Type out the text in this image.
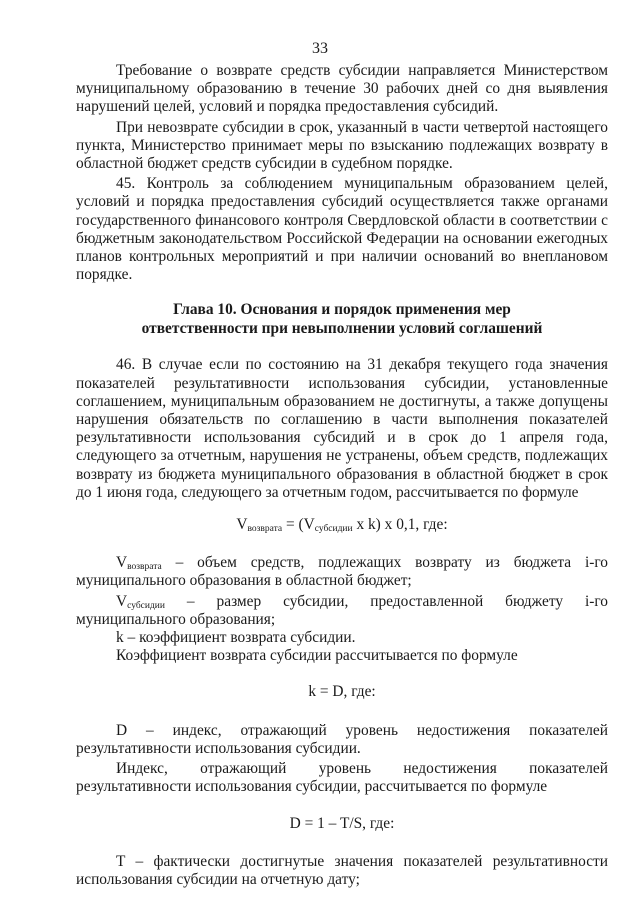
33

Требование о возврате средств субсидии направляется Министерством муниципальному образованию в течение 30 рабочих дней со дня выявления нарушений целей, условий и порядка предоставления субсидий.

При невозврате субсидии в срок, указанный в части четвертой настоящего пункта, Министерство принимает меры по взысканию подлежащих возврату в областной бюджет средств субсидии в судебном порядке.

45. Контроль за соблюдением муниципальным образованием целей, условий и порядка предоставления субсидий осуществляется также органами государственного финансового контроля Свердловской области в соответствии с бюджетным законодательством Российской Федерации на основании ежегодных планов контрольных мероприятий и при наличии оснований во внеплановом порядке.

Глава 10. Основания и порядок применения мер
ответственности при невыполнении условий соглашений

46. В случае если по состоянию на 31 декабря текущего года значения показателей результативности использования субсидии, установленные соглашением, муниципальным образованием не достигнуты, а также допущены нарушения обязательств по соглашению в части выполнения показателей результативности использования субсидий и в срок до 1 апреля года, следующего за отчетным, нарушения не устранены, объем средств, подлежащих возврату из бюджета муниципального образования в областной бюджет в срок до 1 июня года, следующего за отчетным годом, рассчитывается по формуле

$V_{возврата} = (V_{субсидии}$ x k) x 0,1, где:

$V_{возврата}$ – объем средств, подлежащих возврату из бюджета i-го муниципального образования в областной бюджет;

$V_{субсидии}$ – размер субсидии, предоставленной бюджету i-го муниципального образования;

k – коэффициент возврата субсидии.

Коэффициент возврата субсидии рассчитывается по формуле

k = D, где:

D – индекс, отражающий уровень недостижения показателей результативности использования субсидии.

Индекс, отражающий уровень недостижения показателей результативности использования субсидии, рассчитывается по формуле

D = 1 – T/S, где:

T – фактически достигнутые значения показателей результативности использования субсидии на отчетную дату;
